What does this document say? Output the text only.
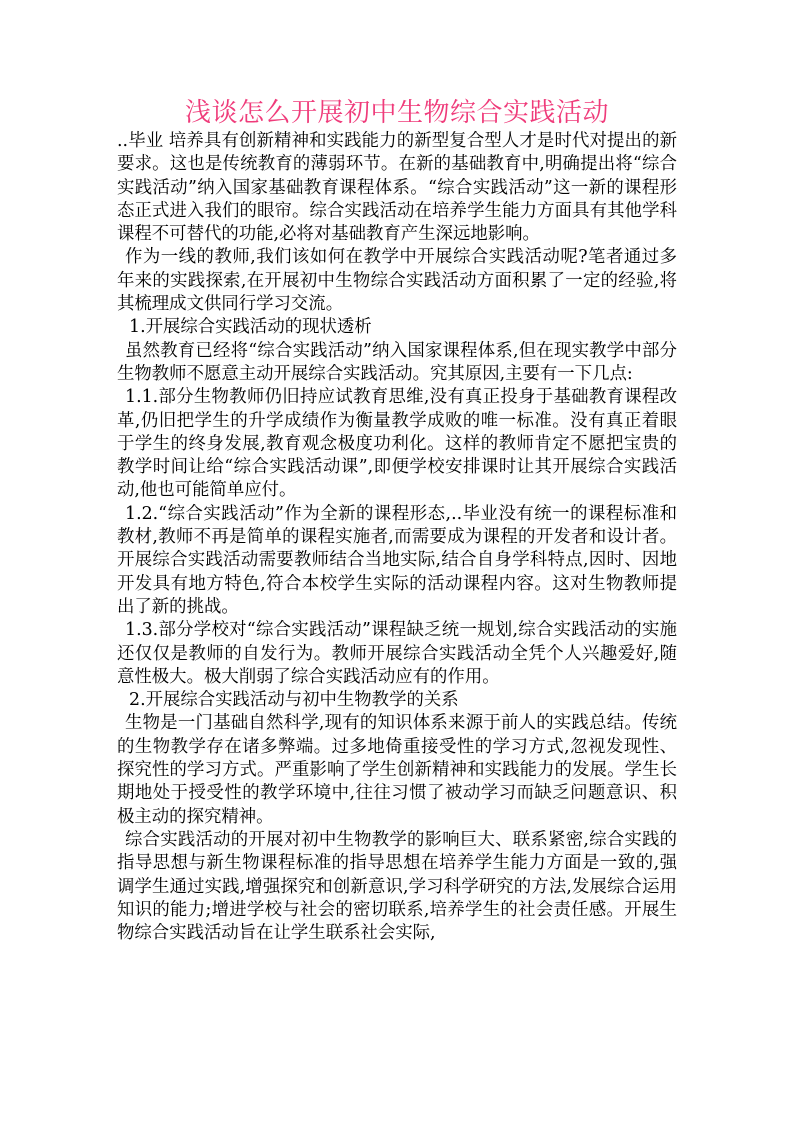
浅谈怎么开展初中生物综合实践活动

..毕业 培养具有创新精神和实践能力的新型复合型人才是时代对提出的新要求。这也是传统教育的薄弱环节。在新的基础教育中,明确提出将“综合实践活动”纳入国家基础教育课程体系。“综合实践活动”这一新的课程形态正式进入我们的眼帘。综合实践活动在培养学生能力方面具有其他学科课程不可替代的功能,必将对基础教育产生深远地影响。

作为一线的教师,我们该如何在教学中开展综合实践活动呢?笔者通过多年来的实践探索,在开展初中生物综合实践活动方面积累了一定的经验,将其梳理成文供同行学习交流。

1.开展综合实践活动的现状透析

虽然教育已经将“综合实践活动”纳入国家课程体系,但在现实教学中部分生物教师不愿意主动开展综合实践活动。究其原因,主要有一下几点:

1.1.部分生物教师仍旧持应试教育思维,没有真正投身于基础教育课程改革,仍旧把学生的升学成绩作为衡量教学成败的唯一标准。没有真正着眼于学生的终身发展,教育观念极度功利化。这样的教师肯定不愿把宝贵的教学时间让给“综合实践活动课”,即便学校安排课时让其开展综合实践活动,他也可能简单应付。

1.2.“综合实践活动”作为全新的课程形态,..毕业没有统一的课程标准和教材,教师不再是简单的课程实施者,而需要成为课程的开发者和设计者。开展综合实践活动需要教师结合当地实际,结合自身学科特点,因时、因地开发具有地方特色,符合本校学生实际的活动课程内容。这对生物教师提出了新的挑战。

1.3.部分学校对“综合实践活动”课程缺乏统一规划,综合实践活动的实施还仅仅是教师的自发行为。教师开展综合实践活动全凭个人兴趣爱好,随意性极大。极大削弱了综合实践活动应有的作用。

2.开展综合实践活动与初中生物教学的关系

生物是一门基础自然科学,现有的知识体系来源于前人的实践总结。传统的生物教学存在诸多弊端。过多地倚重接受性的学习方式,忽视发现性、探究性的学习方式。严重影响了学生创新精神和实践能力的发展。学生长期地处于授受性的教学环境中,往往习惯了被动学习而缺乏问题意识、积极主动的探究精神。

综合实践活动的开展对初中生物教学的影响巨大、联系紧密,综合实践的指导思想与新生物课程标准的指导思想在培养学生能力方面是一致的,强调学生通过实践,增强探究和创新意识,学习科学研究的方法,发展综合运用知识的能力;增进学校与社会的密切联系,培养学生的社会责任感。开展生物综合实践活动旨在让学生联系社会实际,
